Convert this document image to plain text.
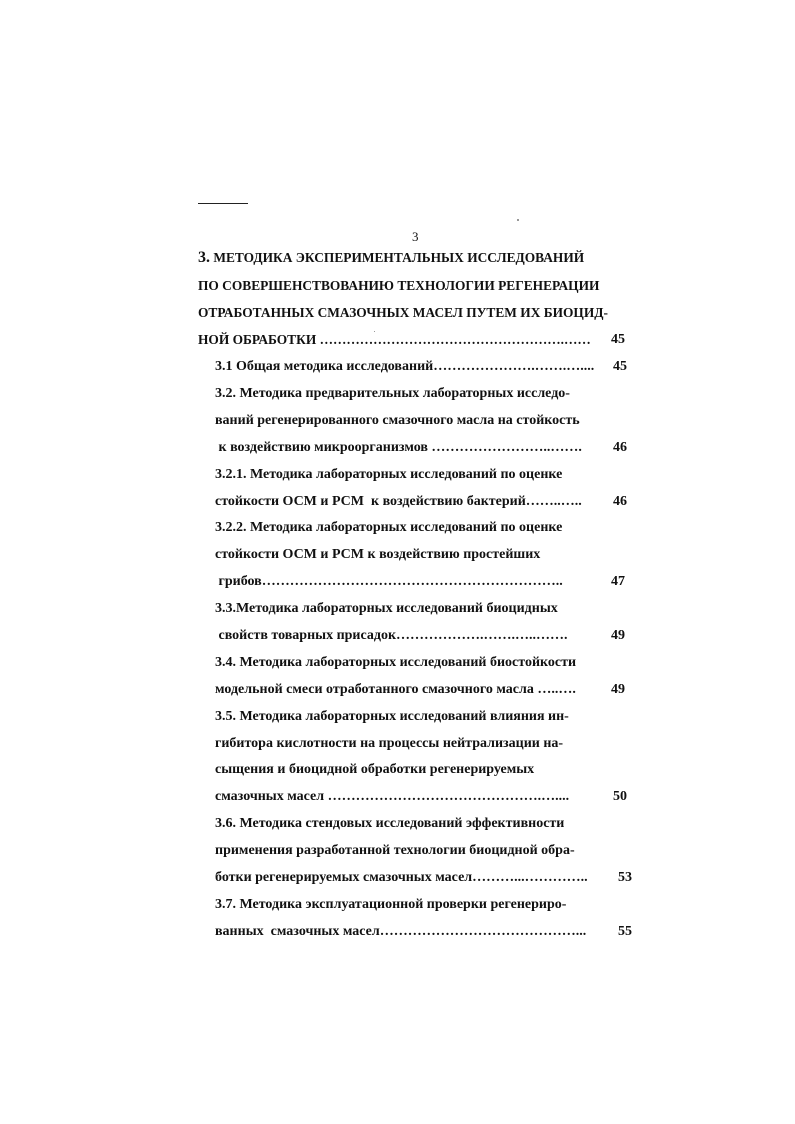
3
3. МЕТОДИКА ЭКСПЕРИМЕНТАЛЬНЫХ ИССЛЕДОВАНИЙ
ПО СОВЕРШЕНСТВОВАНИЮ ТЕХНОЛОГИИ РЕГЕНЕРАЦИИ
ОТРАБОТАННЫХ СМАЗОЧНЫХ МАСЕЛ ПУТЕМ ИХ БИОЦИД-
НОЙ ОБРАБОТКИ ……………………………………………….…… 45
3.1 Общая методика исследований………………….…….….... 45
3.2. Методика предварительных лабораторных исследо-
ваний регенерированного смазочного масла на стойкость
к воздействию микроорганизмов ……………………..……. 46
3.2.1. Методика лабораторных исследований по оценке
стойкости ОСМ и РСМ  к воздействию бактерий……..….. 46
3.2.2. Методика лабораторных исследований по оценке
стойкости ОСМ и РСМ к воздействию простейших
грибов………………………………………………………..	47
3.3.Методика лабораторных исследований биоцидных
свойств товарных присадок……………….…….…..…….	49
3.4. Методика лабораторных исследований биостойкости
модельной смеси отработанного смазочного масла …..….	49
3.5. Методика лабораторных исследований влияния ин-
гибитора кислотности на процессы нейтрализации на-
сыщения и биоцидной обработки регенерируемых
смазочных масел ……………………………………….…....	50
3.6. Методика стендовых исследований эффективности
применения разработанной технологии биоцидной обра-
ботки регенерируемых смазочных масел………...………….. 53
3.7. Методика эксплуатационной проверки регенериро-
ванных  смазочных масел……………………………………... 55
